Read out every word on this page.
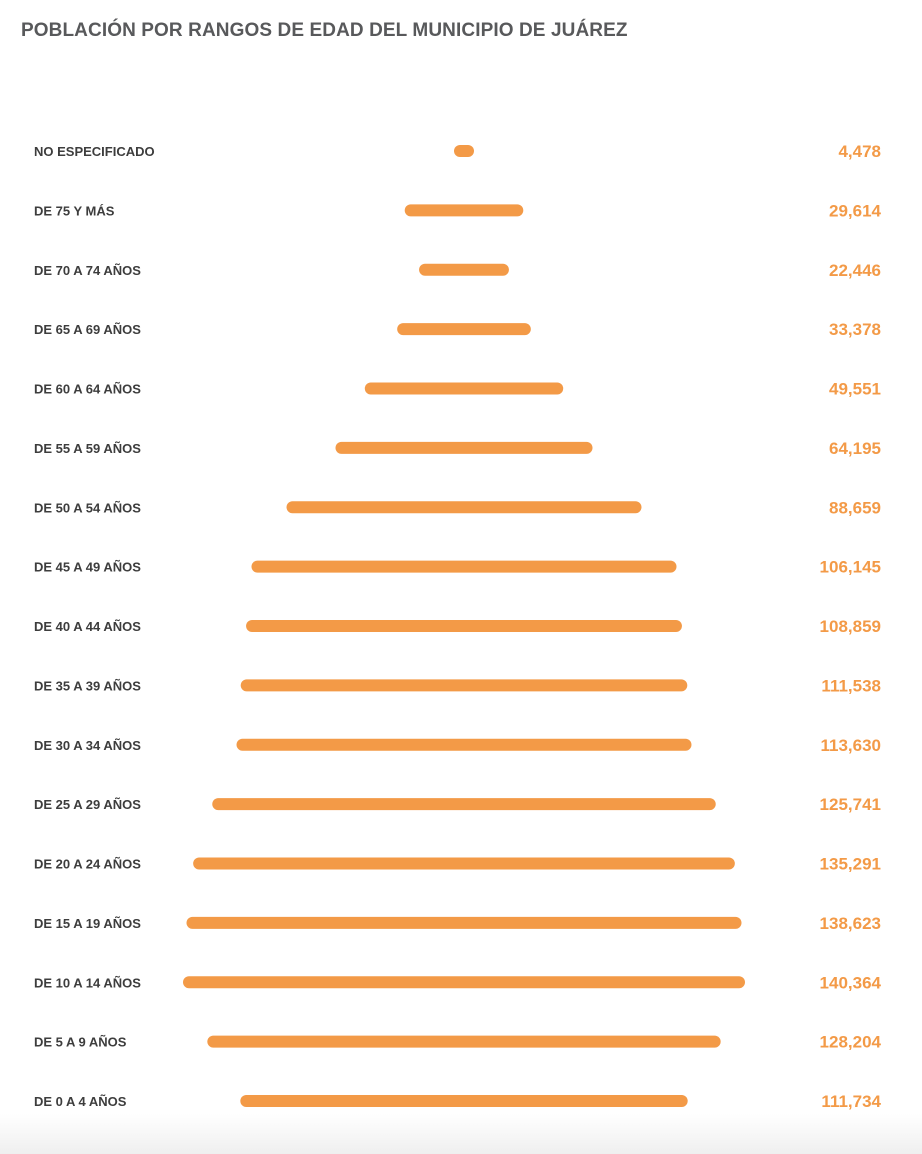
POBLACIÓN POR RANGOS DE EDAD DEL MUNICIPIO DE JUÁREZ
NO ESPECIFICADO	4,478
DE 75 Y MÁS	29,614
DE 70 A 74 AÑOS	22,446
DE 65 A 69 AÑOS	33,378
DE 60 A 64 AÑOS	49,551
DE 55 A 59 AÑOS	64,195
DE 50 A 54 AÑOS	88,659
DE 45 A 49 AÑOS	106,145
DE 40 A 44 AÑOS	108,859
DE 35 A 39 AÑOS	111,538
DE 30 A 34 AÑOS	113,630
DE 25 A 29 AÑOS	125,741
DE 20 A 24 AÑOS	135,291
DE 15 A 19 AÑOS	138,623
DE 10 A 14 AÑOS	140,364
DE 5 A 9 AÑOS	128,204
DE 0 A 4 AÑOS	111,734
